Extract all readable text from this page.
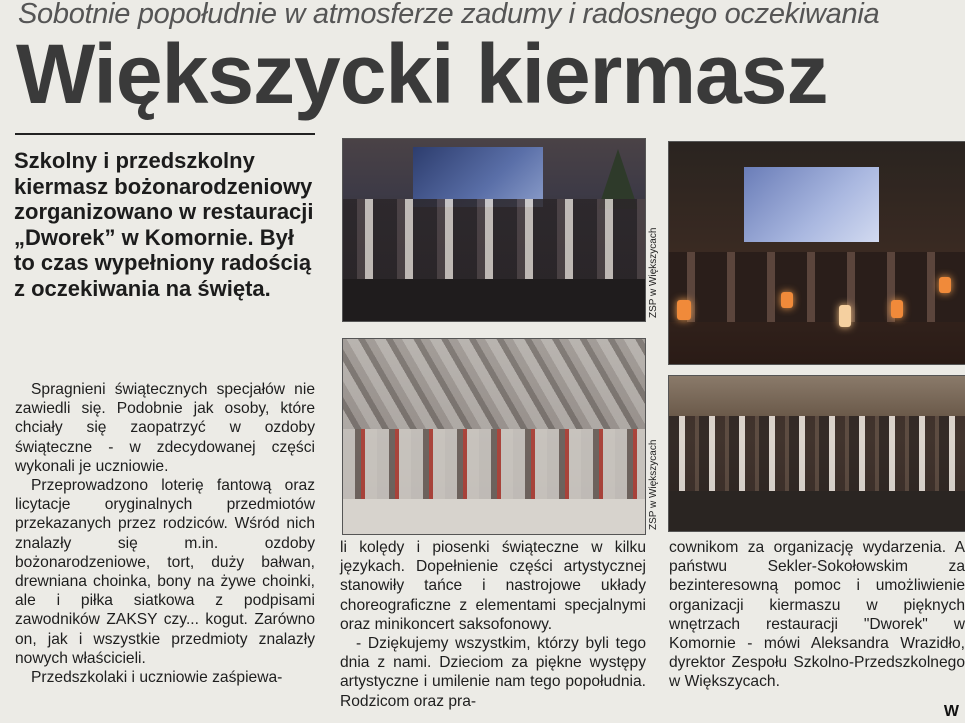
Sobotnie popołudnie w atmosferze zadumy i radosnego oczekiwania
Większycki kiermasz
Szkolny i przedszkolny kiermasz bożonarodzeniowy zorganizowano w restauracji „Dworek” w Komornie. Był to czas wypełniony radością z oczekiwania na święta.

Spragnieni świątecznych specjałów nie zawiedli się. Podobnie jak osoby, które chciały się zaopatrzyć w ozdoby świąteczne - w zdecydowanej części wykonali je uczniowie.

Przeprowadzono loterię fantową oraz licytacje oryginalnych przedmiotów przekazanych przez rodziców. Wśród nich znalazły się m.in. ozdoby bożonarodzeniowe, tort, duży bałwan, drewniana choinka, bony na żywe choinki, ale i piłka siatkowa z podpisami zawodników ZAKSY czy... kogut. Zarówno on, jak i wszystkie przedmioty znalazły nowych właścicieli.

Przedszkolaki i uczniowie zaśpiewa-

li kolędy i piosenki świąteczne w kilku językach. Dopełnienie części artystycznej stanowiły tańce i nastrojowe układy choreograficzne z elementami specjalnymi oraz minikoncert saksofonowy.

- Dziękujemy wszystkim, którzy byli tego dnia z nami. Dzieciom za piękne występy artystyczne i umilenie nam tego popołudnia. Rodzicom oraz pra-

cownikom za organizację wydarzenia. A państwu Sekler-Sokołowskim za bezinteresowną pomoc i umożliwienie organizacji kiermaszu w pięknych wnętrzach restauracji "Dworek" w Komornie - mówi Aleksandra Wrazidło, dyrektor Zespołu Szkolno-Przedszkolnego w Większycach.

ZSP w Większycach
ZSP w Większycach
W
